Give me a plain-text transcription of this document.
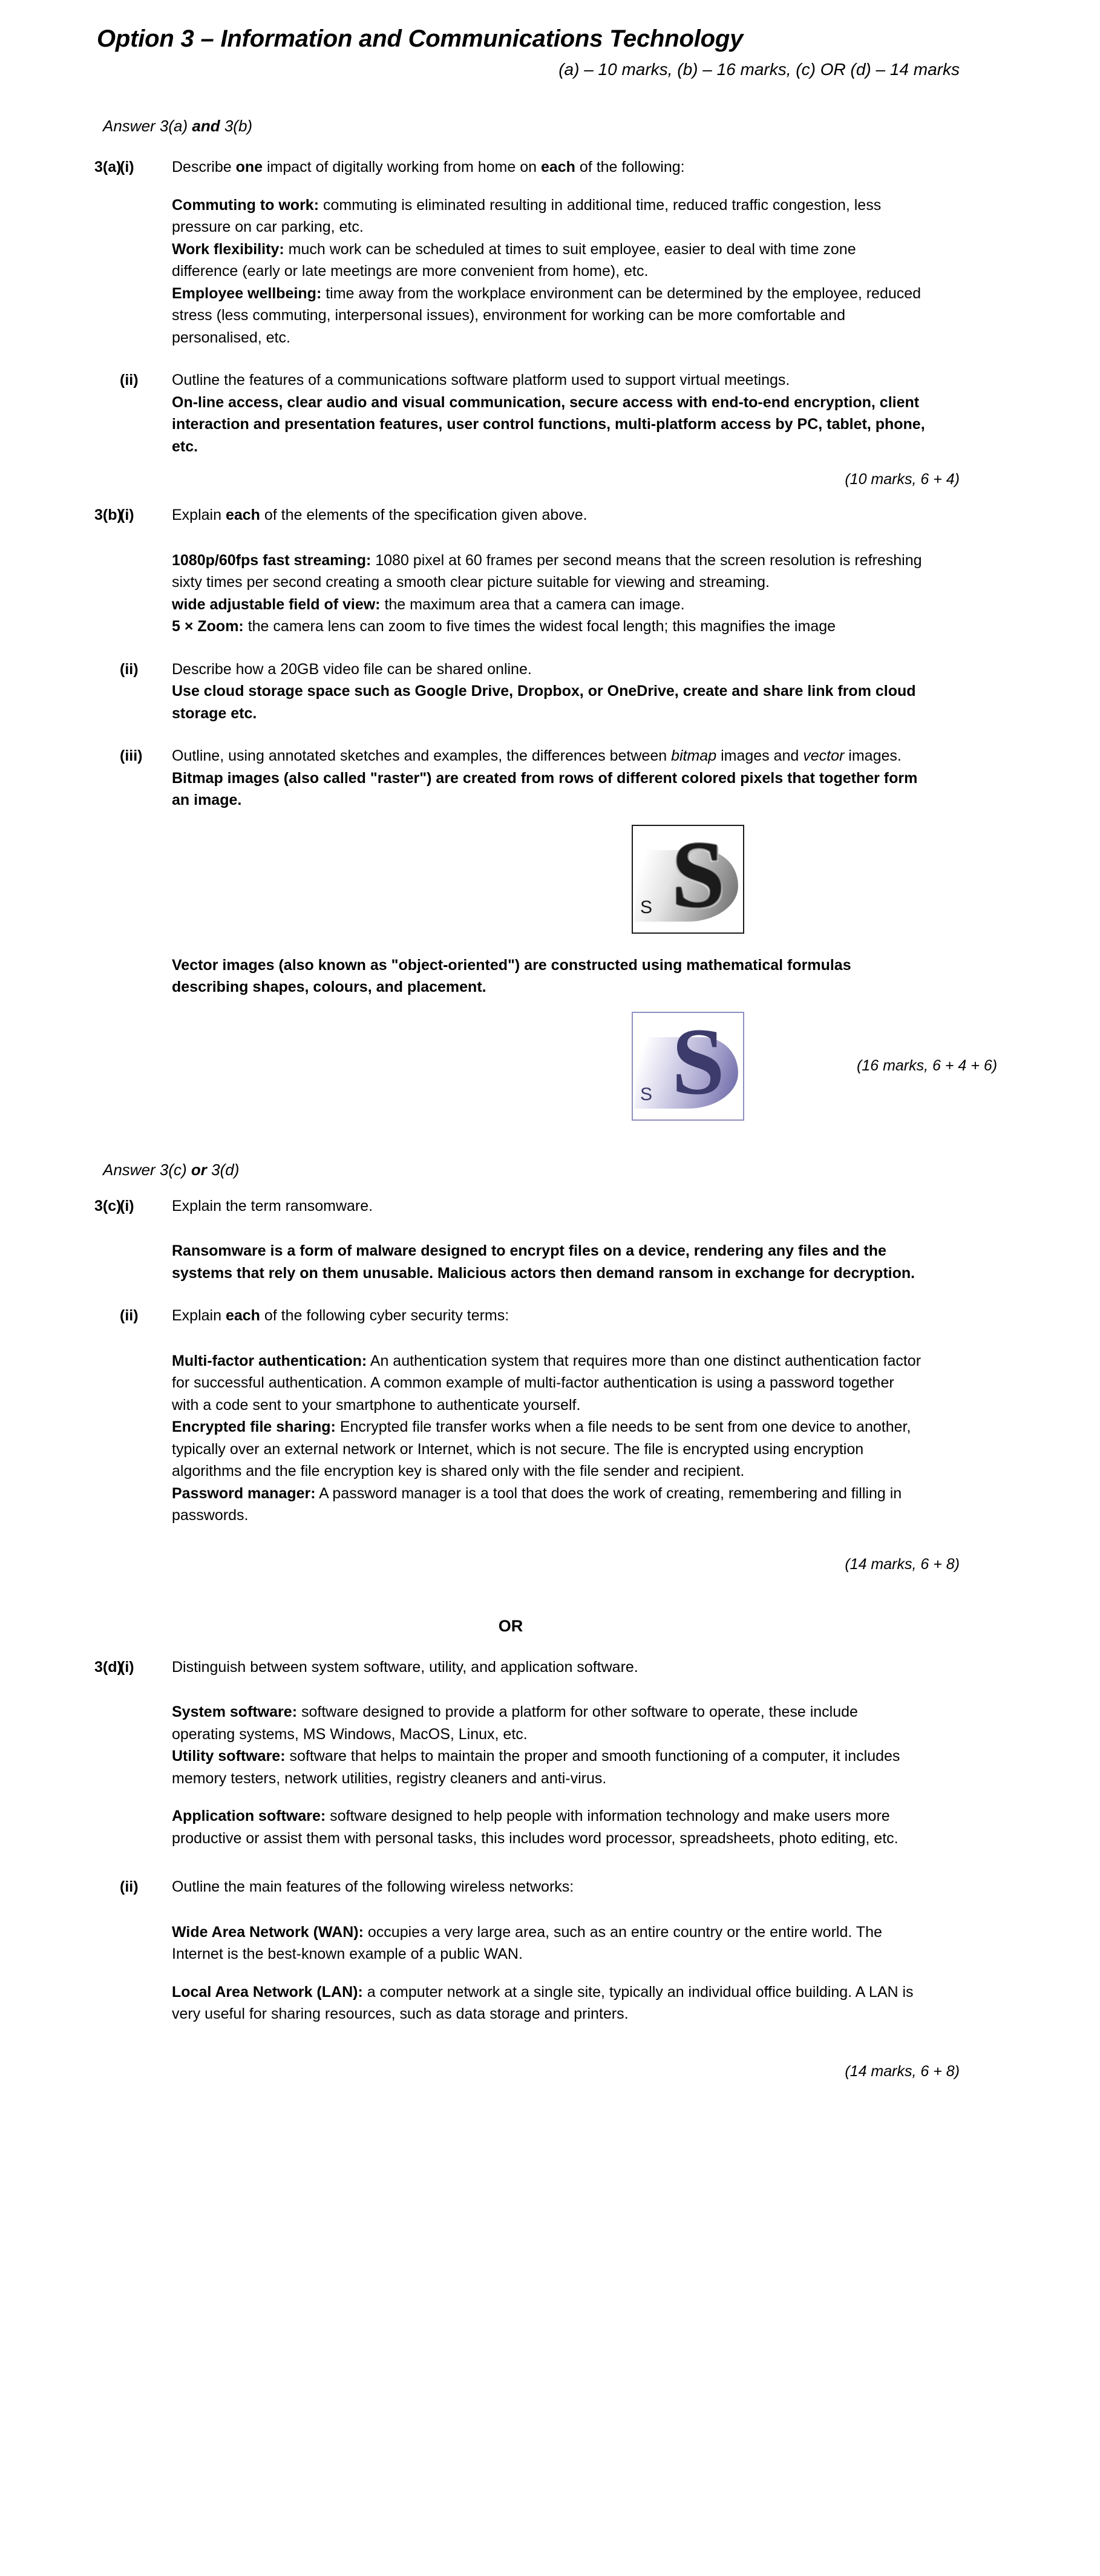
Option 3 – Information and Communications Technology
(a) – 10 marks, (b) – 16 marks, (c) OR (d) – 14 marks
Answer 3(a) and 3(b)
3(a)
(i)	Describe one impact of digitally working from home on each of the following:

Commuting to work: commuting is eliminated resulting in additional time, reduced traffic congestion, less pressure on car parking, etc.

Work flexibility: much work can be scheduled at times to suit employee, easier to deal with time zone difference (early or late meetings are more convenient from home), etc.

Employee wellbeing: time away from the workplace environment can be determined by the employee, reduced stress (less commuting, interpersonal issues), environment for working can be more comfortable and personalised, etc.

(ii)	Outline the features of a communications software platform used to support virtual meetings.

On-line access, clear audio and visual communication, secure access with end-to-end encryption, client interaction and presentation features, user control functions, multi-platform access by PC, tablet, phone, etc.

(10 marks, 6 + 4)
3(b)
(i)	Explain each of the elements of the specification given above.

1080p/60fps fast streaming: 1080 pixel at 60 frames per second means that the screen resolution is refreshing sixty times per second creating a smooth clear picture suitable for viewing and streaming.

wide adjustable field of view: the maximum area that a camera can image.

5 × Zoom: the camera lens can zoom to five times the widest focal length; this magnifies the image

(ii)	Describe how a 20GB video file can be shared online.

Use cloud storage space such as Google Drive, Dropbox, or OneDrive, create and share link from cloud storage etc.

(iii)	Outline, using annotated sketches and examples, the differences between bitmap images and vector images.

Bitmap images (also called "raster") are created from rows of different colored pixels that together form an image.

S
S

Vector images (also known as "object-oriented") are constructed using mathematical formulas describing shapes, colours, and placement.

S
S
(16 marks, 6 + 4 + 6)
Answer 3(c) or 3(d)
3(c)
(i)	Explain the term ransomware.

Ransomware is a form of malware designed to encrypt files on a device, rendering any files and the systems that rely on them unusable. Malicious actors then demand ransom in exchange for decryption.

(ii)	Explain each of the following cyber security terms:

Multi-factor authentication: An authentication system that requires more than one distinct authentication factor for successful authentication. A common example of multi-factor authentication is using a password together with a code sent to your smartphone to authenticate yourself.

Encrypted file sharing: Encrypted file transfer works when a file needs to be sent from one device to another, typically over an external network or Internet, which is not secure. The file is encrypted using encryption algorithms and the file encryption key is shared only with the file sender and recipient.

Password manager: A password manager is a tool that does the work of creating, remembering and filling in passwords.

(14 marks, 6 + 8)
OR
3(d)
(i)	Distinguish between system software, utility, and application software.

System software: software designed to provide a platform for other software to operate, these include operating systems, MS Windows, MacOS, Linux, etc.

Utility software: software that helps to maintain the proper and smooth functioning of a computer, it includes memory testers, network utilities, registry cleaners and anti-virus.

Application software: software designed to help people with information technology and make users more productive or assist them with personal tasks, this includes word processor, spreadsheets, photo editing, etc.

(ii)	Outline the main features of the following wireless networks:

Wide Area Network (WAN): occupies a very large area, such as an entire country or the entire world. The Internet is the best-known example of a public WAN.

Local Area Network (LAN): a computer network at a single site, typically an individual office building. A LAN is very useful for sharing resources, such as data storage and printers.

(14 marks, 6 + 8)
